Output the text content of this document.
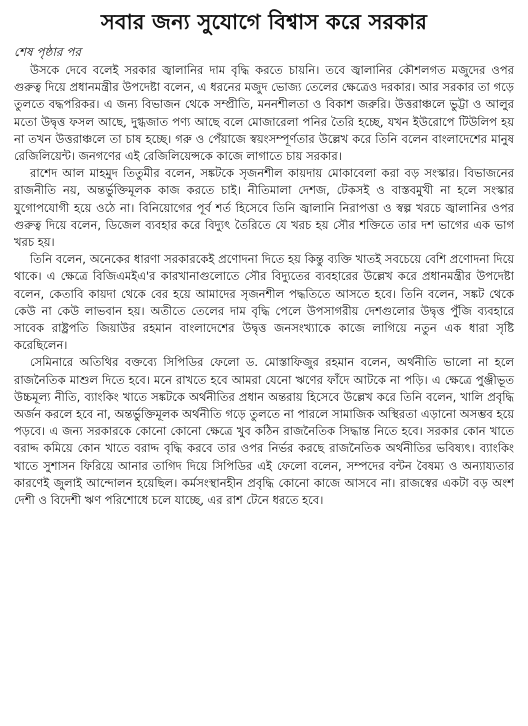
সবার জন্য সুযোগে বিশ্বাস করে সরকার
শেষ পৃষ্ঠার পর

উসকে দেবে বলেই সরকার জ্বালানির দাম বৃদ্ধি করতে চায়নি। তবে জ্বালানির কৌশলগত মজুদের ওপর গুরুত্ব দিয়ে প্রধানমন্ত্রীর উপদেষ্টা বলেন, এ ধরনের মজুদ ভোজ্য তেলের ক্ষেত্রেও দরকার। আর সরকার তা গড়ে তুলতে বদ্ধপরিকর। এ জন্য বিভাজন থেকে সম্প্রীতি, মননশীলতা ও বিকাশ জরুরি। উত্তরাঞ্চলে ভুট্টা ও আলুর মতো উদ্বৃত্ত ফসল আছে, দুগ্ধজাত পণ্য আছে বলে মোজারেলা পনির তৈরি হচ্ছে, যখন ইউরোপে টিউলিপ হয় না তখন উত্তরাঞ্চলে তা চাষ হচ্ছে। গরু ও পেঁয়াজে স্বয়ংসম্পূর্ণতার উল্লেখ করে তিনি বলেন বাংলাদেশের মানুষ রেজিলিয়েন্ট। জনগণের এই রেজিলিয়েন্সকে কাজে লাগাতে চায় সরকার।

রাশেদ আল মাহমুদ তিতুমীর বলেন, সঙ্কটকে সৃজনশীল কায়দায় মোকাবেলা করা বড় সংস্কার। বিভাজনের রাজনীতি নয়, অন্তর্ভুক্তিমূলক কাজ করতে চাই। নীতিমালা দেশজ, টেকসই ও বাস্তবমুখী না হলে সংস্কার যুগোপযোগী হয়ে ওঠে না। বিনিয়োগের পূর্ব শর্ত হিসেবে তিনি জ্বালানি নিরাপত্তা ও স্বল্প খরচে জ্বালানির ওপর গুরুত্ব দিয়ে বলেন, ডিজেল ব্যবহার করে বিদ্যুৎ তৈরিতে যে খরচ হয় সৌর শক্তিতে তার দশ ভাগের এক ভাগ খরচ হয়।

তিনি বলেন, অনেকের ধারণা সরকারকেই প্রণোদনা দিতে হয় কিন্তু ব্যক্তি খাতই সবচেয়ে বেশি প্রণোদনা দিয়ে থাকে। এ ক্ষেত্রে বিজিএমইএ'র কারখানাগুলোতে সৌর বিদ্যুতের ব্যবহারের উল্লেখ করে প্রধানমন্ত্রীর উপদেষ্টা বলেন, কেতাবি কায়দা থেকে বের হয়ে আমাদের সৃজনশীল পদ্ধতিতে আসতে হবে। তিনি বলেন, সঙ্কট থেকে কেউ না কেউ লাভবান হয়। অতীতে তেলের দাম বৃদ্ধি পেলে উপসাগরীয় দেশগুলোর উদ্বৃত্ত পুঁজি ব্যবহারে সাবেক রাষ্ট্রপতি জিয়াউর রহমান বাংলাদেশের উদ্বৃত্ত জনসংখ্যাকে কাজে লাগিয়ে নতুন এক ধারা সৃষ্টি করেছিলেন।

সেমিনারে অতিথির বক্তব্যে সিপিডির ফেলো ড. মোস্তাফিজুর রহমান বলেন, অর্থনীতি ভালো না হলে রাজনৈতিক মাশুল দিতে হবে। মনে রাখতে হবে আমরা যেনো ঋণের ফাঁদে আটকে না পড়ি। এ ক্ষেত্রে পুঞ্জীভূত উচ্চমূল্য নীতি, ব্যাংকিং খাতে সঙ্কটকে অর্থনীতির প্রধান অন্তরায় হিসেবে উল্লেখ করে তিনি বলেন, খালি প্রবৃদ্ধি অর্জন করলে হবে না, অন্তর্ভুক্তিমূলক অর্থনীতি গড়ে তুলতে না পারলে সামাজিক অস্থিরতা এড়ানো অসম্ভব হয়ে পড়বে। এ জন্য সরকারকে কোনো কোনো ক্ষেত্রে খুব কঠিন রাজনৈতিক সিদ্ধান্ত নিতে হবে। সরকার কোন খাতে বরাদ্দ কমিয়ে কোন খাতে বরাদ্দ বৃদ্ধি করবে তার ওপর নির্ভর করছে রাজনৈতিক অর্থনীতির ভবিষ্যৎ। ব্যাংকিং খাতে সুশাসন ফিরিয়ে আনার তাগিদ দিয়ে সিপিডির এই ফেলো বলেন, সম্পদের বন্টন বৈষম্য ও অন্যায্যতার কারণেই জুলাই আন্দোলন হয়েছিল। কর্মসংস্থানহীন প্রবৃদ্ধি কোনো কাজে আসবে না। রাজস্বের একটা বড় অংশ দেশী ও বিদেশী ঋণ পরিশোধে চলে যাচ্ছে, এর রাশ টেনে ধরতে হবে।
